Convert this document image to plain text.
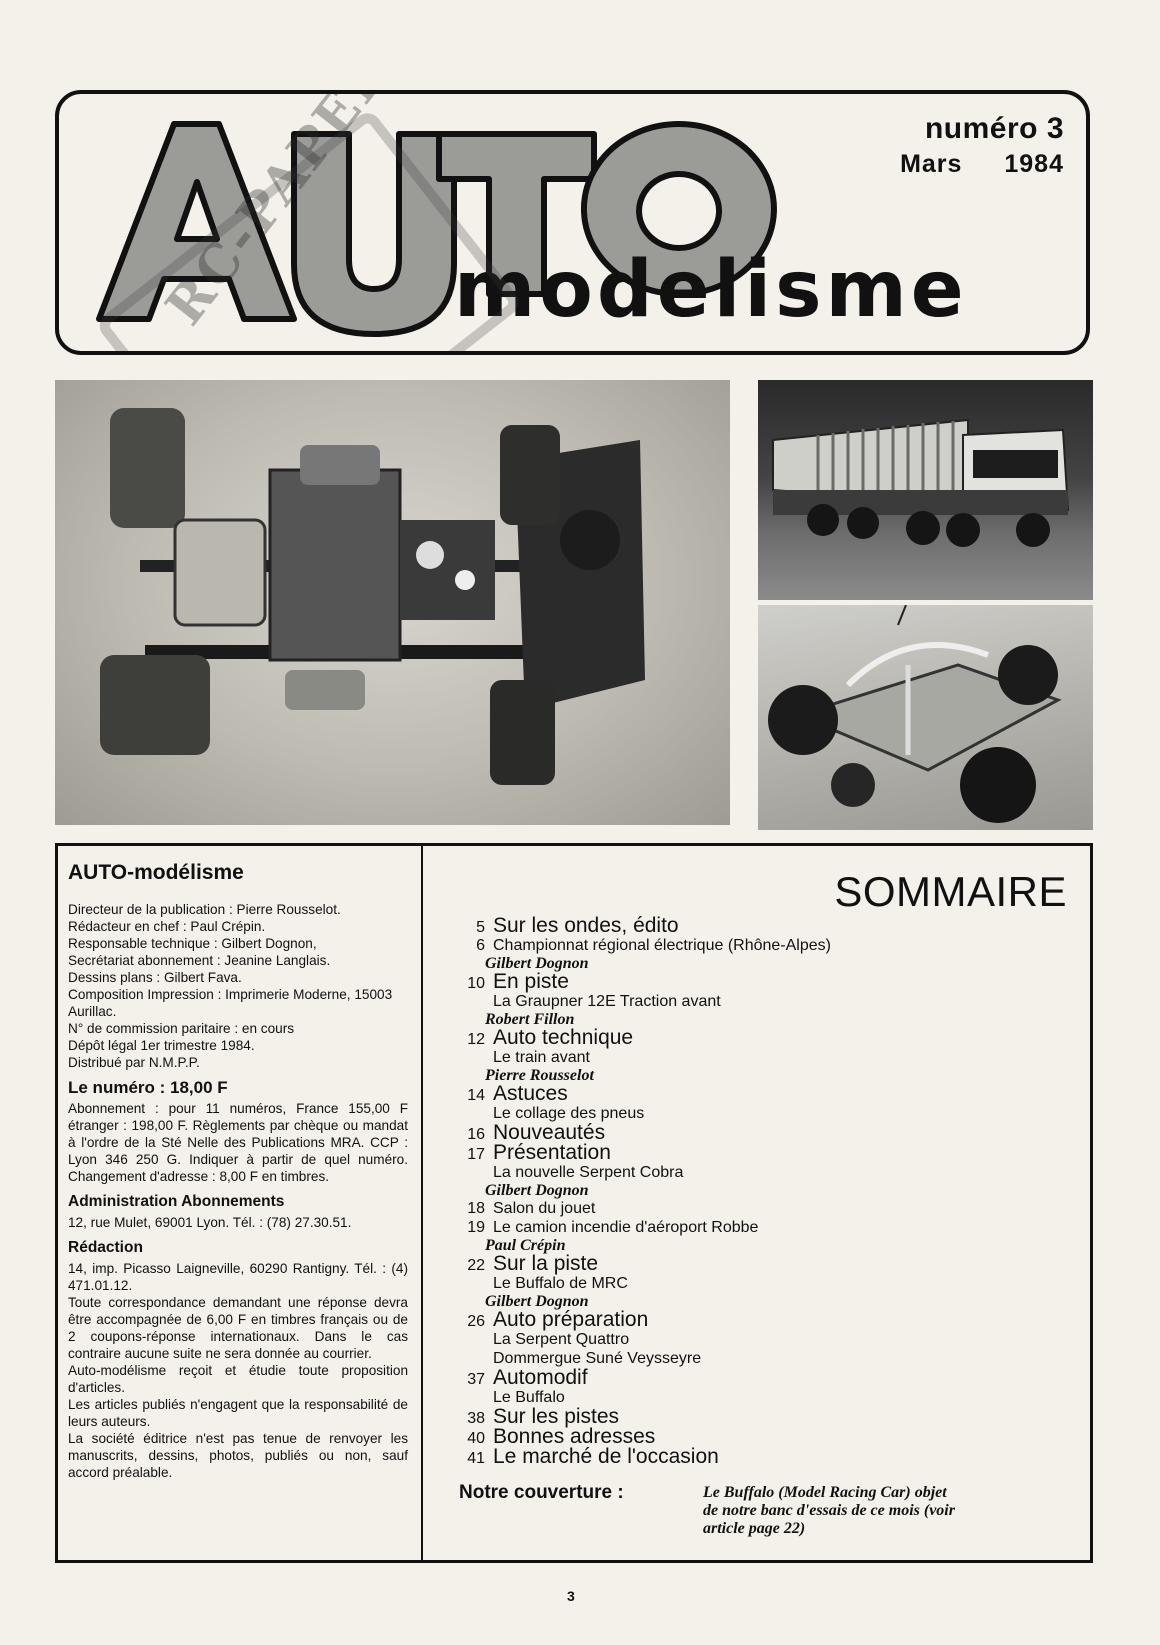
modelisme
numéro 3
Mars 1984
AUTO-modélisme

Directeur de la publication : Pierre Rousselot.
Rédacteur en chef : Paul Crépin.
Responsable technique : Gilbert Dognon,
Secrétariat abonnement : Jeanine Langlais.
Dessins plans : Gilbert Fava.
Composition Impression : Imprimerie Moderne, 15003 Aurillac.
N° de commission paritaire : en cours
Dépôt légal 1er trimestre 1984.
Distribué par N.M.P.P.

Le numéro : 18,00 F

Abonnement : pour 11 numéros, France 155,00 F étranger : 198,00 F. Règlements par chèque ou mandat à l'ordre de la Sté Nelle des Publications MRA. CCP : Lyon 346 250 G. Indiquer à partir de quel numéro. Changement d'adresse : 8,00 F en timbres.

Administration Abonnements

12, rue Mulet, 69001 Lyon. Tél. : (78) 27.30.51.

Rédaction

14, imp. Picasso Laigneville, 60290 Rantigny. Tél. : (4) 471.01.12.

Toute correspondance demandant une réponse devra être accompagnée de 6,00 F en timbres français ou de 2 coupons-réponse internationaux. Dans le cas contraire aucune suite ne sera donnée au courrier.

Auto-modélisme reçoit et étudie toute proposition d'articles.

Les articles publiés n'engagent que la responsabilité de leurs auteurs.

La société éditrice n'est pas tenue de renvoyer les manuscrits, dessins, photos, publiés ou non, sauf accord préalable.

SOMMAIRE
5 Sur les ondes, édito
6 Championnat régional électrique (Rhône-Alpes)
Gilbert Dognon
10 En piste
La Graupner 12E Traction avant
Robert Fillon
12 Auto technique
Le train avant
Pierre Rousselot
14 Astuces
Le collage des pneus
16 Nouveautés
17 Présentation
La nouvelle Serpent Cobra
Gilbert Dognon
18 Salon du jouet
19 Le camion incendie d'aéroport Robbe
Paul Crépin
22 Sur la piste
Le Buffalo de MRC
Gilbert Dognon
26 Auto préparation
La Serpent Quattro
Dommergue Suné Veysseyre
37 Automodif
Le Buffalo
38 Sur les pistes
40 Bonnes adresses
41 Le marché de l'occasion
Notre couverture :	Le Buffalo (Model Racing Car) objet de notre banc d'essais de ce mois (voir article page 22)
3
